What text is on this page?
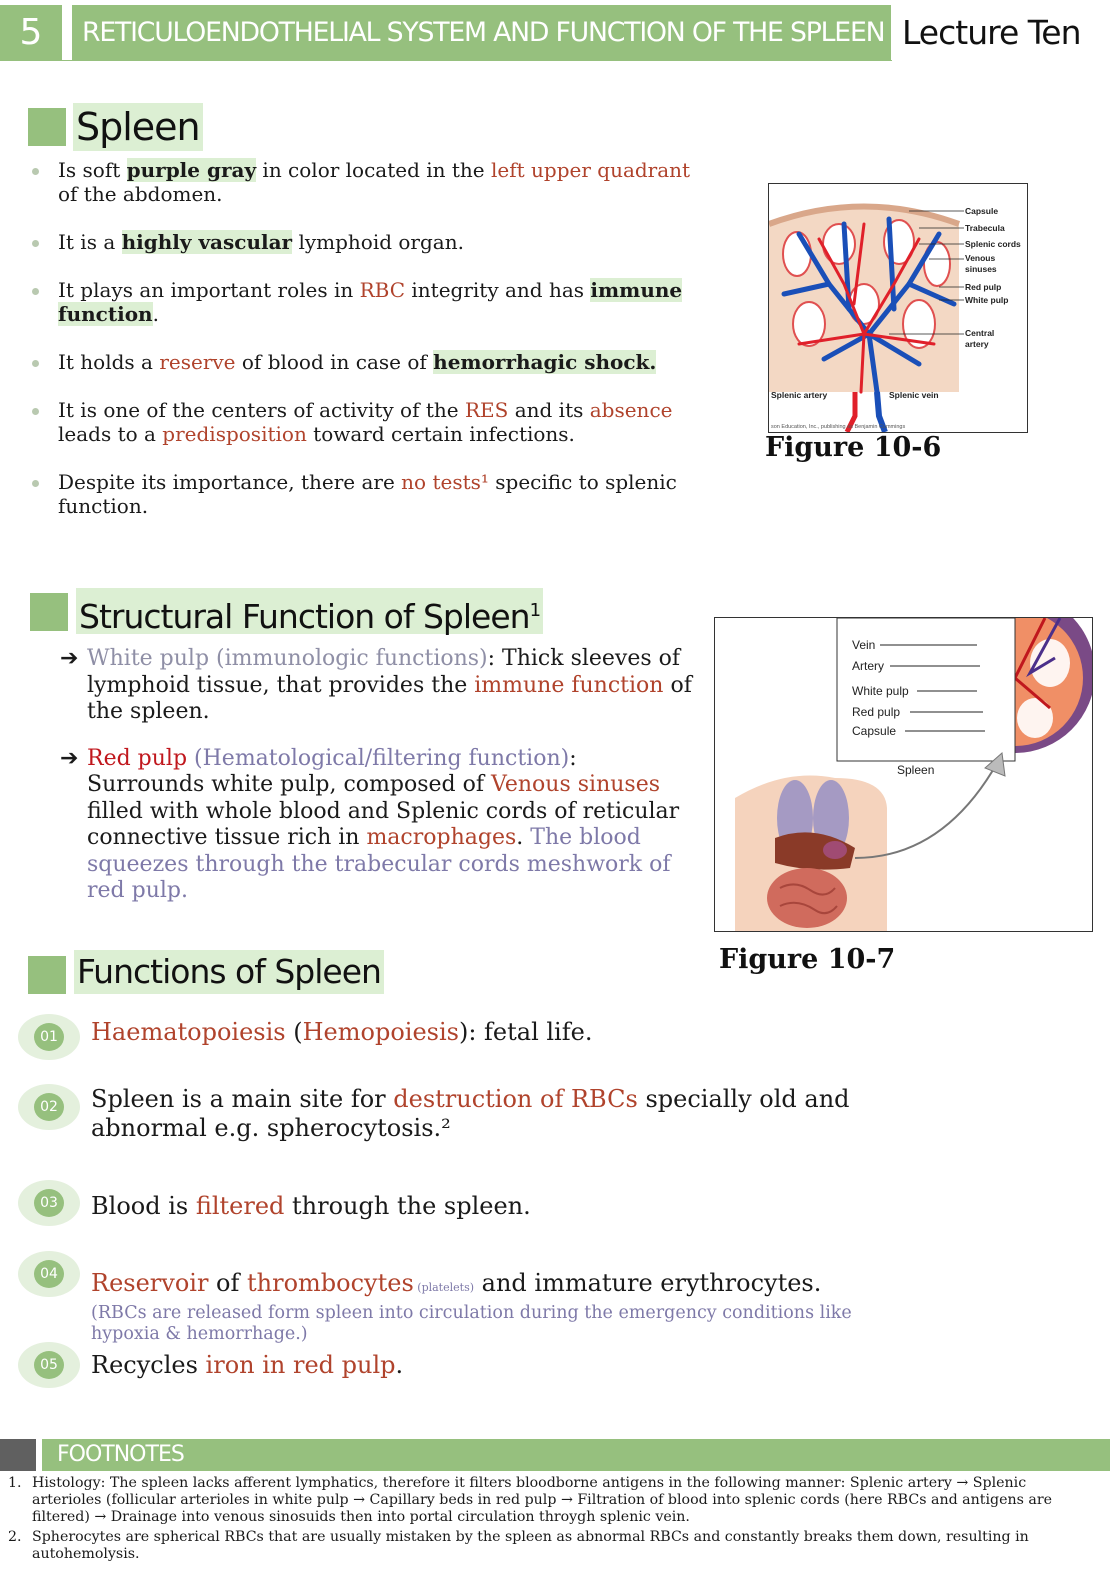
5	RETICULOENDOTHELIAL SYSTEM AND FUNCTION OF THE SPLEEN Lecture Ten
Spleen
Is soft purple gray in color located in the left upper quadrant of the abdomen.
It is a highly vascular lymphoid organ.
It plays an important roles in RBC integrity and has immune function.
It holds a reserve of blood in case of hemorrhagic shock.
It is one of the centers of activity of the RES and its absence leads to a predisposition toward certain infections.
Despite its importance, there are no tests¹ specific to splenic function.
Capsule
Trabecula
Splenic cords
Venous
sinuses
Red pulp
White pulp
Central
artery
Splenic artery	Splenic vein
son Education, Inc., publishing as Benjamin Cummings
Figure 10-6
Structural Function of Spleen$^1$
➔ White pulp (immunologic functions): Thick sleeves of lymphoid tissue, that provides the immune function of the spleen.
➔ Red pulp (Hematological/filtering function): Surrounds white pulp, composed of Venous sinuses filled with whole blood and Splenic cords of reticular connective tissue rich in macrophages. The blood squeezes through the trabecular cords meshwork of red pulp.
Vein
Artery
White pulp
Red pulp
Capsule
Spleen
Figure 10-7
Functions of Spleen
01 Haematopoiesis (Hemopoiesis): fetal life.
02 Spleen is a main site for destruction of RBCs specially old and abnormal e.g. spherocytosis.²
03 Blood is filtered through the spleen.
04 Reservoir of thrombocytes (platelets) and immature erythrocytes.
(RBCs are released form spleen into circulation during the emergency conditions like hypoxia & hemorrhage.)
05 Recycles iron in red pulp.
FOOTNOTES
1. Histology: The spleen lacks afferent lymphatics, therefore it filters bloodborne antigens in the following manner: Splenic artery → Splenic arterioles (follicular arterioles in white pulp → Capillary beds in red pulp → Filtration of blood into splenic cords (here RBCs and antigens are filtered) → Drainage into venous sinosuids then into portal circulation throygh splenic vein.
2. Spherocytes are spherical RBCs that are usually mistaken by the spleen as abnormal RBCs and constantly breaks them down, resulting in autohemolysis.
